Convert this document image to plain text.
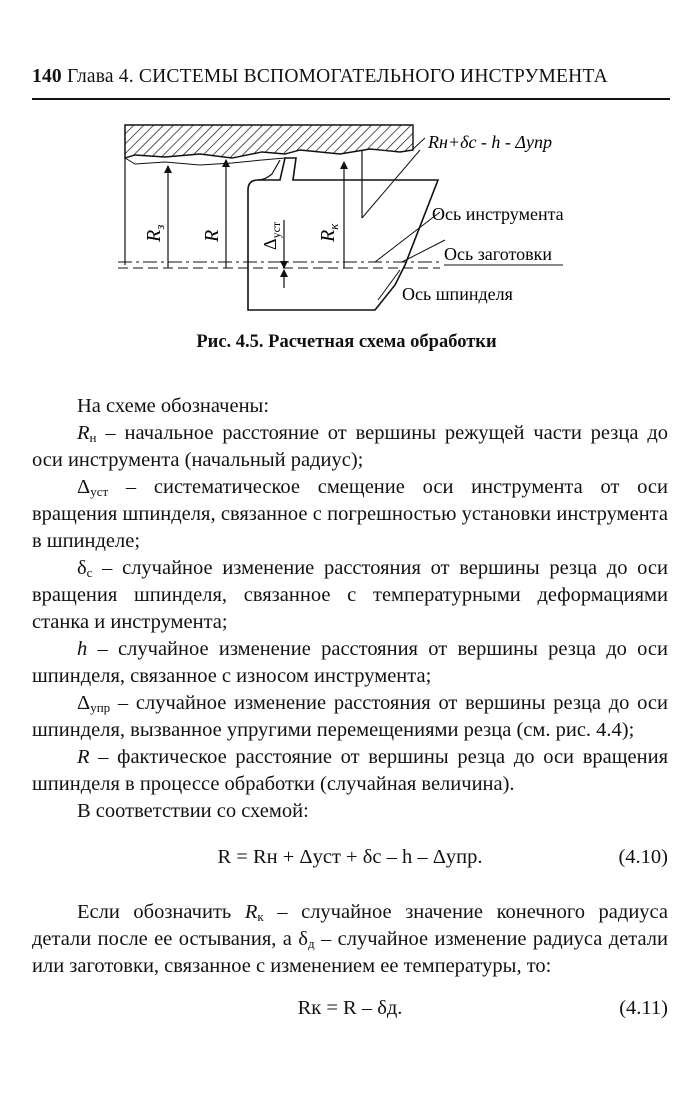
140 Глава 4. СИСТЕМЫ ВСПОМОГАТЕЛЬНОГО ИНСТРУМЕНТА
$R_з$
R
$\Delta_{уст}$ $R_к$
Rн+δс - h - Δупр
Ось инструмента
Ось заготовки
Ось шпинделя
Рис. 4.5. Расчетная схема обработки

На схеме обозначены:

$R_н$ – начальное расстояние от вершины режущей части резца до оси инструмента (начальный радиус);

$\Delta_{уст}$ – систематическое смещение оси инструмента от оси вращения шпинделя, связанное с погрешностью установки инструмента в шпинделе;

$\delta_с$ – случайное изменение расстояния от вершины резца до оси вращения шпинделя, связанное с температурными деформациями станка и инструмента;

h – случайное изменение расстояния от вершины резца до оси шпинделя, связанное с износом инструмента;

$\Delta_{упр}$ – случайное изменение расстояния от вершины резца до оси шпинделя, вызванное упругими перемещениями резца (см. рис. 4.4);

R – фактическое расстояние от вершины резца до оси вращения шпинделя в процессе обработки (случайная величина).

В соответствии со схемой:

R = Rн + Δуст + δс – h – Δупр.	(4.10)

Если обозначить $R_к$ – случайное значение конечного радиуса детали после ее остывания, а $\delta_д$ – случайное изменение радиуса детали или заготовки, связанное с изменением ее температуры, то:

Rк = R – δд.	(4.11)
